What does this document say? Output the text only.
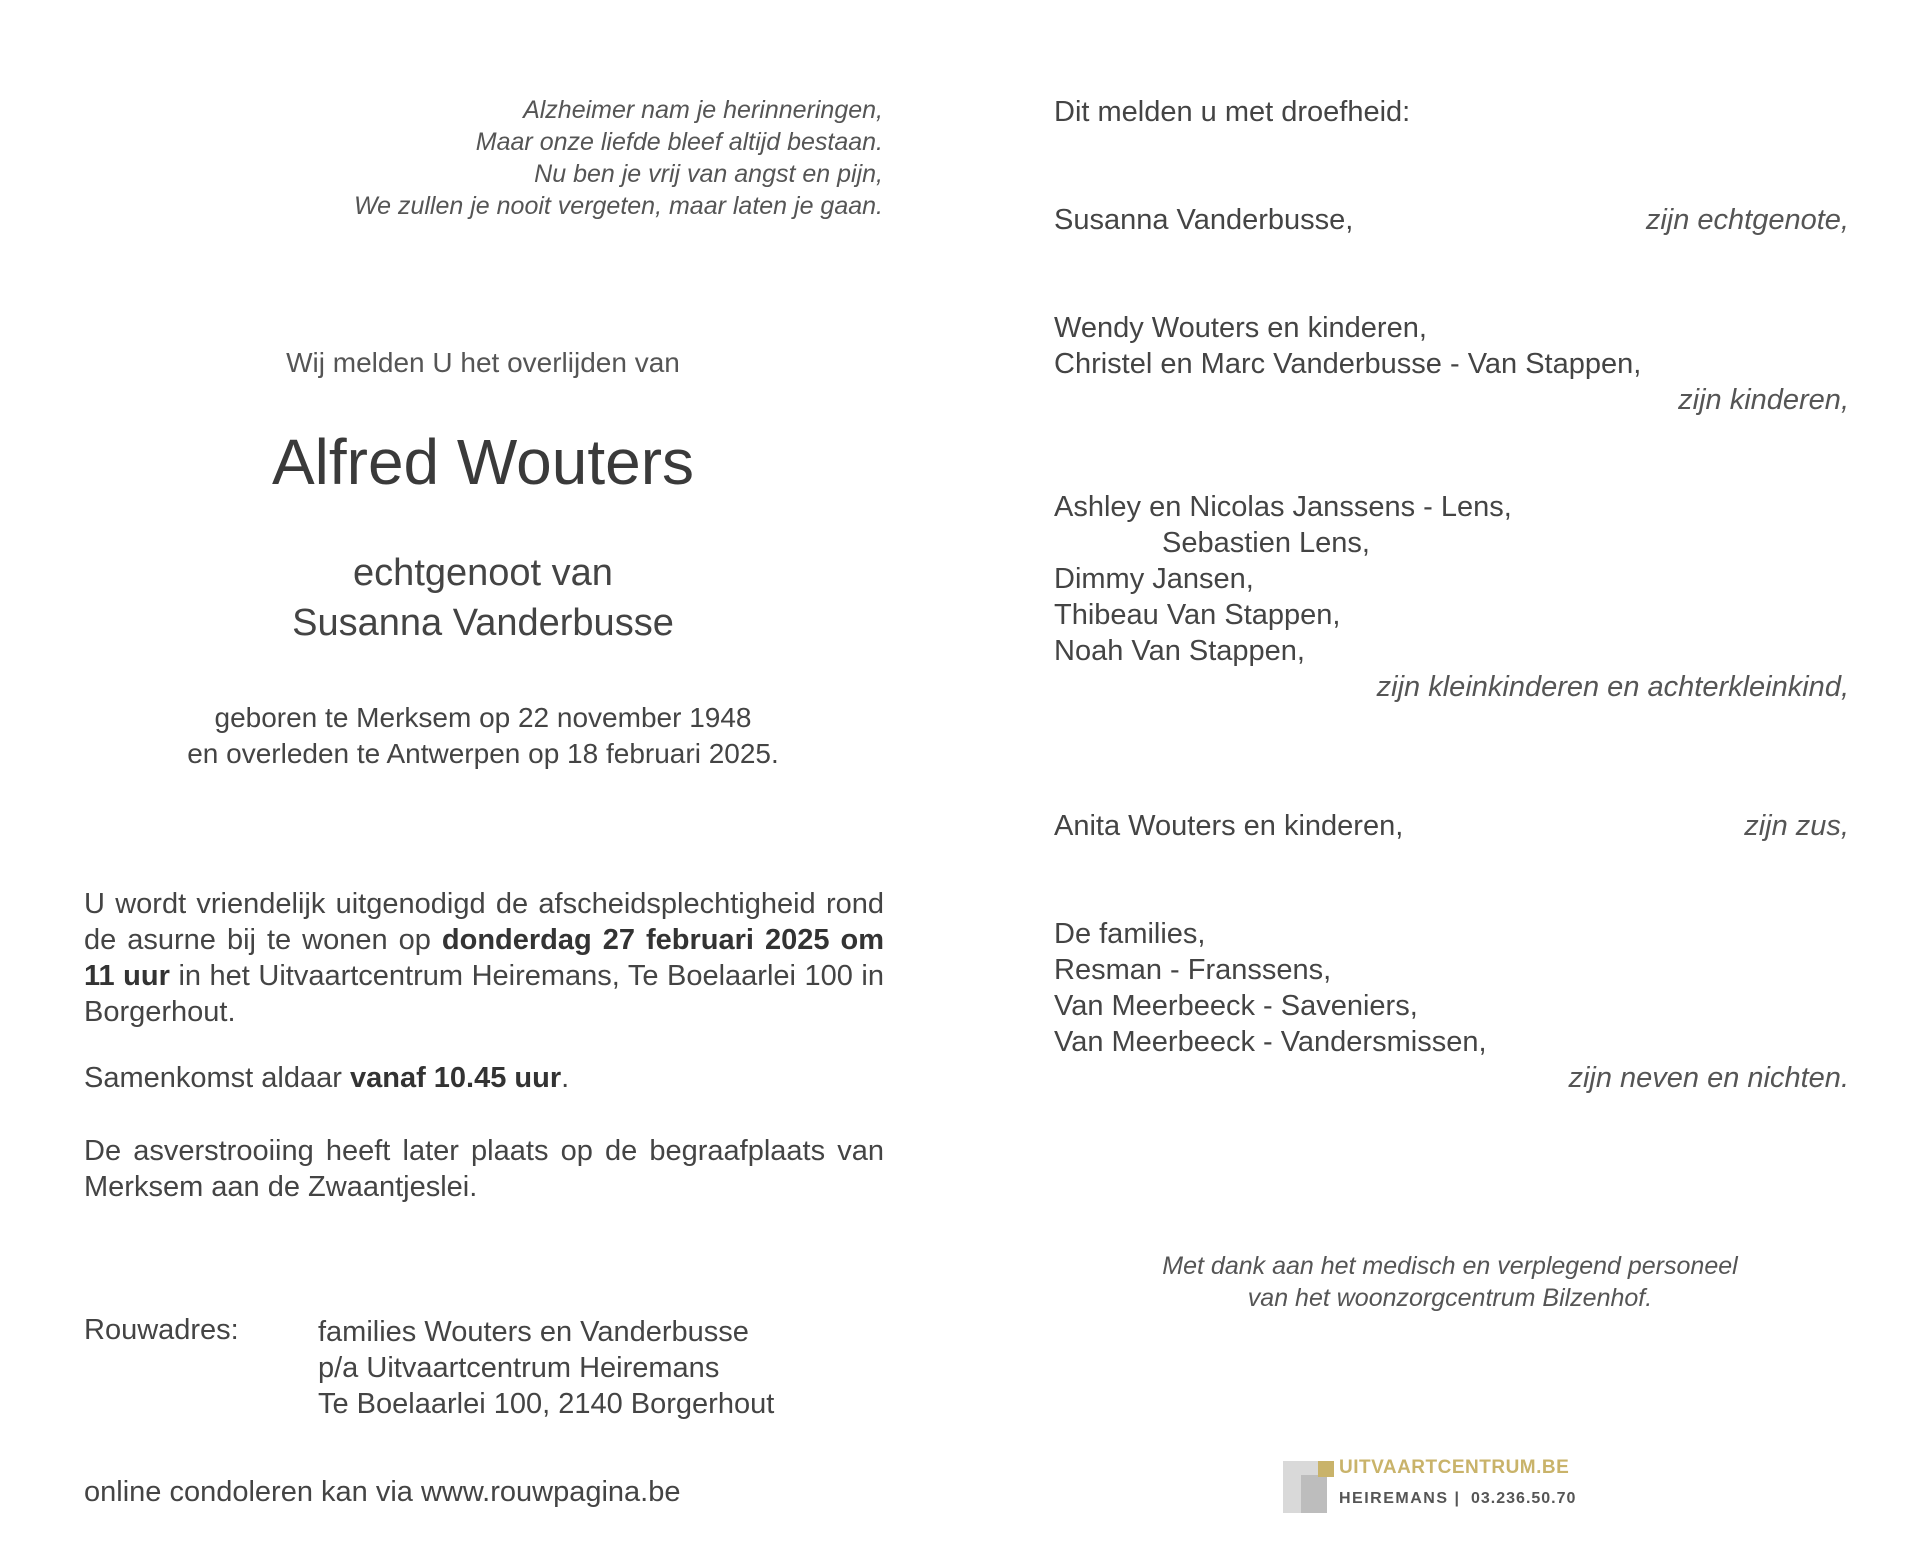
Alzheimer nam je herinneringen,
Maar onze liefde bleef altijd bestaan.
Nu ben je vrij van angst en pijn,
We zullen je nooit vergeten, maar laten je gaan.
Wij melden U het overlijden van
Alfred Wouters
echtgenoot van
Susanna Vanderbusse
geboren te Merksem op 22 november 1948
en overleden te Antwerpen op 18 februari 2025.
U wordt vriendelijk uitgenodigd de afscheidsplechtigheid rond de asurne bij te wonen op donderdag 27 februari 2025 om 11 uur in het Uitvaartcentrum Heiremans, Te Boelaarlei 100 in Borgerhout.
Samenkomst aldaar vanaf 10.45 uur.
De asverstrooiing heeft later plaats op de begraafplaats van Merksem aan de Zwaantjeslei.
Rouwadres:	families Wouters en Vanderbusse
p/a Uitvaartcentrum Heiremans
Te Boelaarlei 100, 2140 Borgerhout
online condoleren kan via www.rouwpagina.be
Dit melden u met droefheid:
Susanna Vanderbusse,	zijn echtgenote,
Wendy Wouters en kinderen,
Christel en Marc Vanderbusse - Van Stappen,
zijn kinderen,
Ashley en Nicolas Janssens - Lens,
Sebastien Lens,
Dimmy Jansen,
Thibeau Van Stappen,
Noah Van Stappen,
zijn kleinkinderen en achterkleinkind,
Anita Wouters en kinderen,	zijn zus,
De families,
Resman - Franssens,
Van Meerbeeck - Saveniers,
Van Meerbeeck - Vandersmissen,
zijn neven en nichten.
Met dank aan het medisch en verplegend personeel
van het woonzorgcentrum Bilzenhof.
UITVAARTCENTRUM.BE
HEIREMANS | 03.236.50.70
